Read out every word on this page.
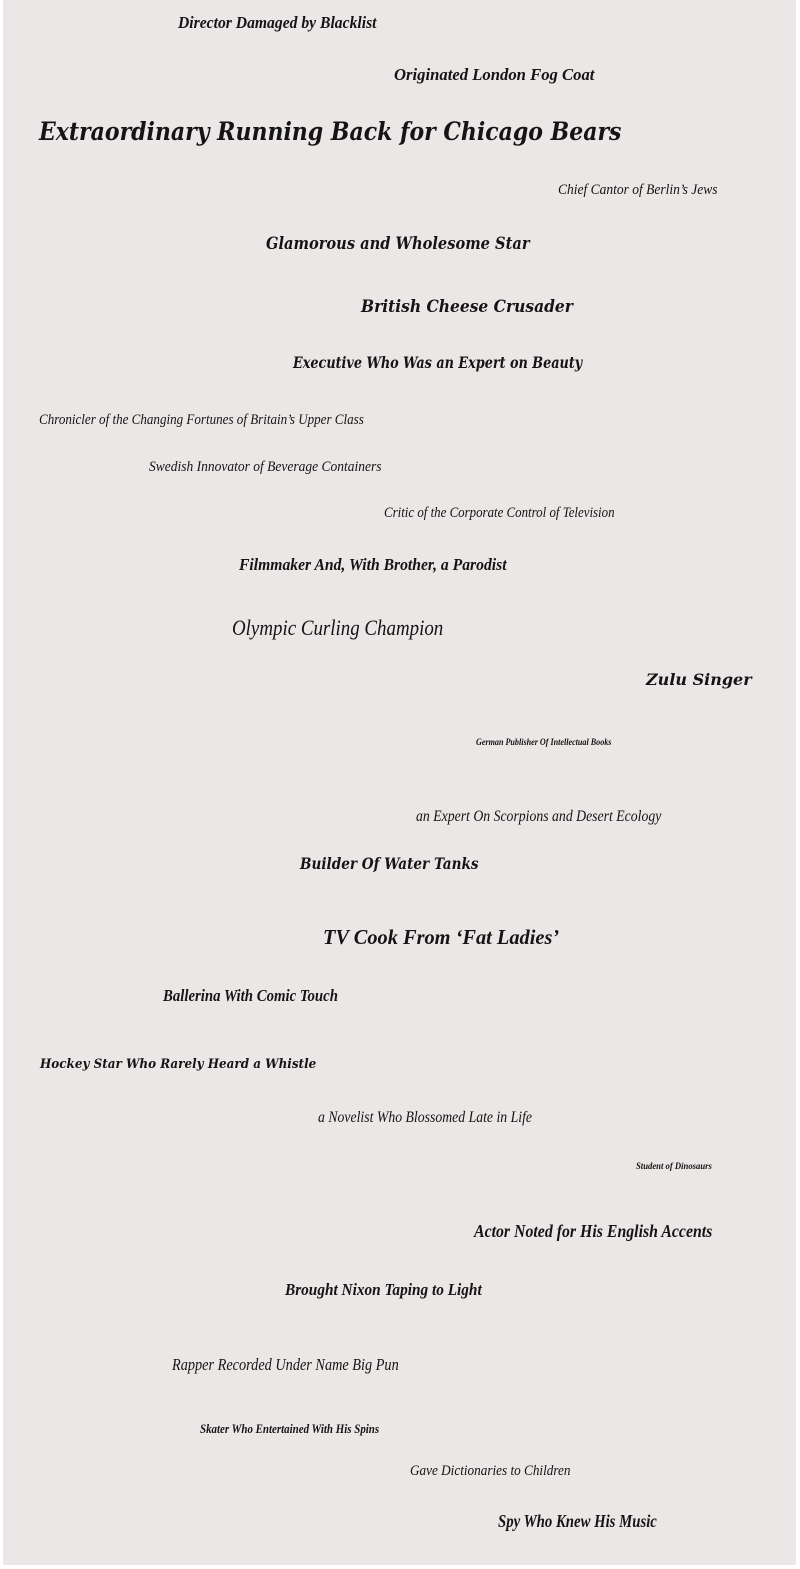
Director Damaged by Blacklist
Originated London Fog Coat
Extraordinary Running Back for Chicago Bears
Chief Cantor of Berlin’s Jews
Glamorous and Wholesome Star
British Cheese Crusader
Executive Who Was an Expert on Beauty
Chronicler of the Changing Fortunes of Britain’s Upper Class
Swedish Innovator of Beverage Containers
Critic of the Corporate Control of Television
Filmmaker And, With Brother, a Parodist
Olympic Curling Champion
Zulu Singer
German Publisher Of Intellectual Books
an Expert On Scorpions and Desert Ecology
Builder Of Water Tanks
TV Cook From ‘Fat Ladies’
Ballerina With Comic Touch
Hockey Star Who Rarely Heard a Whistle
a Novelist Who Blossomed Late in Life
Student of Dinosaurs
Actor Noted for His English Accents
Brought Nixon Taping to Light
Rapper Recorded Under Name Big Pun
Skater Who Entertained With His Spins
Gave Dictionaries to Children
Spy Who Knew His Music
